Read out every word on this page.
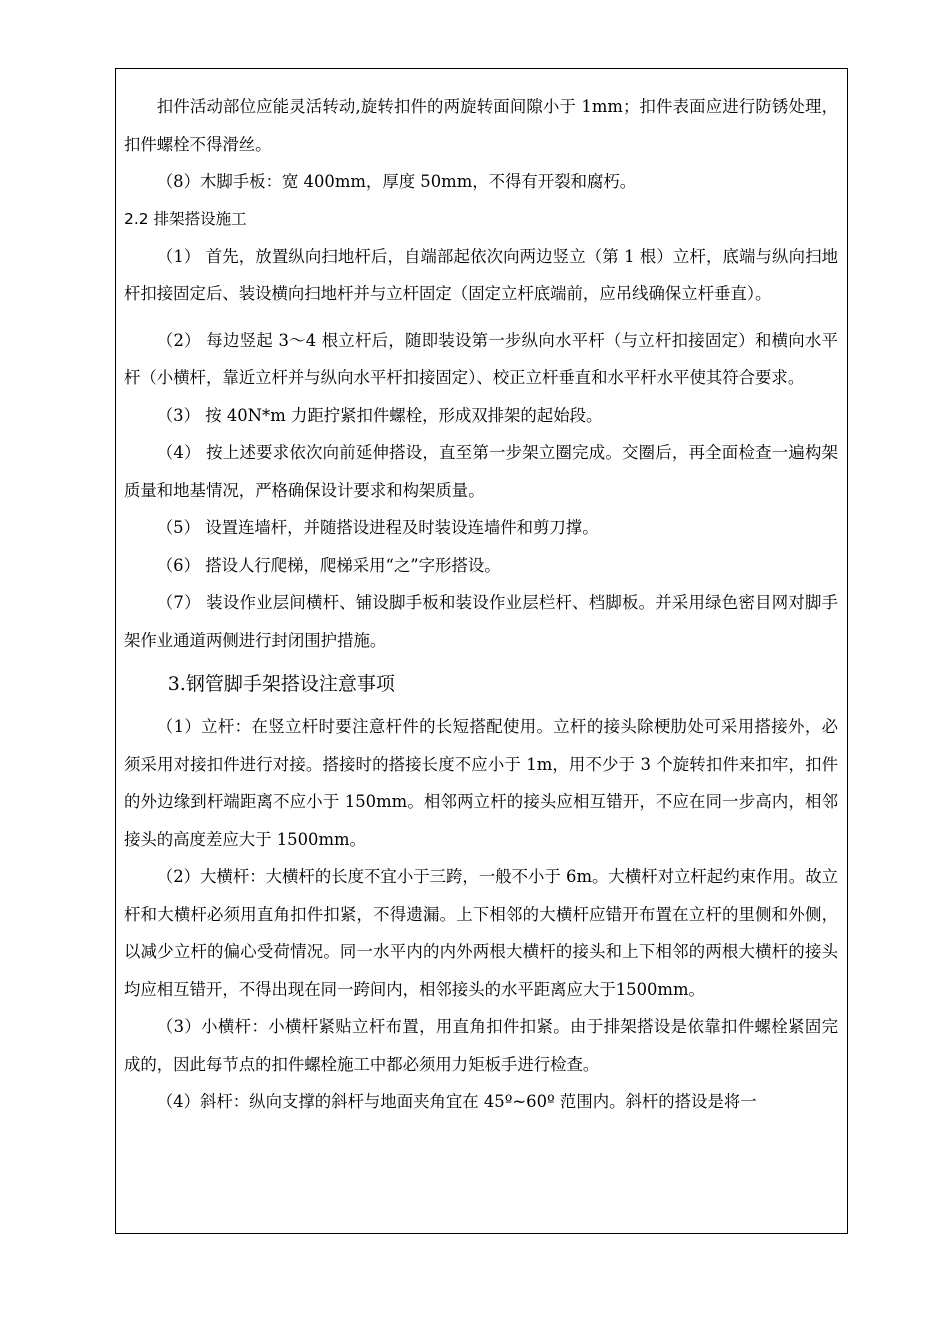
扣件活动部位应能灵活转动,旋转扣件的两旋转面间隙小于 1mm；扣件表面应进行防锈处理，扣件螺栓不得滑丝。

（8）木脚手板：宽 400mm，厚度 50mm，不得有开裂和腐朽。

2.2 排架搭设施工

（1） 首先，放置纵向扫地杆后，自端部起依次向两边竖立（第 1 根）立杆，底端与纵向扫地杆扣接固定后、装设横向扫地杆并与立杆固定（固定立杆底端前，应吊线确保立杆垂直）。

（2） 每边竖起 3～4 根立杆后，随即装设第一步纵向水平杆（与立杆扣接固定）和横向水平杆（小横杆，靠近立杆并与纵向水平杆扣接固定）、校正立杆垂直和水平杆水平使其符合要求。

（3） 按 40N*m 力距拧紧扣件螺栓，形成双排架的起始段。

（4） 按上述要求依次向前延伸搭设，直至第一步架立圈完成。交圈后，再全面检查一遍构架质量和地基情况，严格确保设计要求和构架质量。

（5） 设置连墙杆，并随搭设进程及时装设连墙件和剪刀撑。

（6） 搭设人行爬梯，爬梯采用“之”字形搭设。

（7） 装设作业层间横杆、铺设脚手板和装设作业层栏杆、档脚板。并采用绿色密目网对脚手架作业通道两侧进行封闭围护措施。

3.钢管脚手架搭设注意事项

（1）立杆：在竖立杆时要注意杆件的长短搭配使用。立杆的接头除梗肋处可采用搭接外，必须采用对接扣件进行对接。搭接时的搭接长度不应小于 1m，用不少于 3 个旋转扣件来扣牢，扣件的外边缘到杆端距离不应小于 150mm。相邻两立杆的接头应相互错开，不应在同一步高内，相邻接头的高度差应大于 1500mm。

（2）大横杆：大横杆的长度不宜小于三跨，一般不小于 6m。大横杆对立杆起约束作用。故立杆和大横杆必须用直角扣件扣紧，不得遗漏。上下相邻的大横杆应错开布置在立杆的里侧和外侧，以减少立杆的偏心受荷情况。同一水平内的内外两根大横杆的接头和上下相邻的两根大横杆的接头均应相互错开，不得出现在同一跨间内，相邻接头的水平距离应大于1500mm。

（3）小横杆：小横杆紧贴立杆布置，用直角扣件扣紧。由于排架搭设是依靠扣件螺栓紧固完成的，因此每节点的扣件螺栓施工中都必须用力矩板手进行检查。

（4）斜杆：纵向支撑的斜杆与地面夹角宜在 45º~60º 范围内。斜杆的搭设是将一
